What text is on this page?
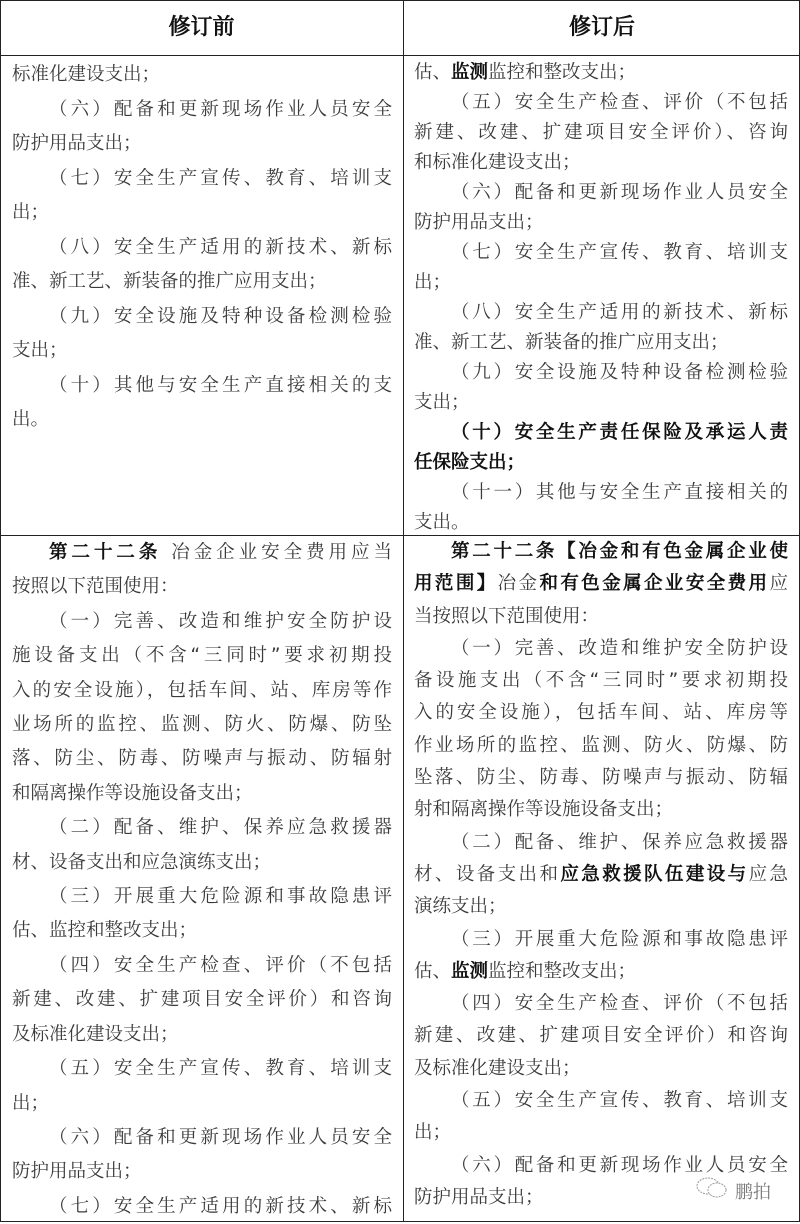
修订前	修订后
标准化建设支出；
（六）配备和更新现场作业人员安全
防护用品支出；
（七）安全生产宣传、教育、培训支
出；
（八）安全生产适用的新技术、新标
准、新工艺、新装备的推广应用支出；
（九）安全设施及特种设备检测检验
支出；
（十）其他与安全生产直接相关的支
出。
估、监测监控和整改支出；
（五）安全生产检查、评价（不包括
新建、改建、扩建项目安全评价）、咨询
和标准化建设支出；
（六）配备和更新现场作业人员安全
防护用品支出；
（七）安全生产宣传、教育、培训支
出；
（八）安全生产适用的新技术、新标
准、新工艺、新装备的推广应用支出；
（九）安全设施及特种设备检测检验
支出；
（十）安全生产责任保险及承运人责
任保险支出；
（十一）其他与安全生产直接相关的
支出。
第二十二条 冶金企业安全费用应当
按照以下范围使用：
（一）完善、改造和维护安全防护设
施设备支出（不含“三同时”要求初期投
入的安全设施），包括车间、站、库房等作
业场所的监控、监测、防火、防爆、防坠
落、防尘、防毒、防噪声与振动、防辐射
和隔离操作等设施设备支出；
（二）配备、维护、保养应急救援器
材、设备支出和应急演练支出；
（三）开展重大危险源和事故隐患评
估、监控和整改支出；
（四）安全生产检查、评价（不包括
新建、改建、扩建项目安全评价）和咨询
及标准化建设支出；
（五）安全生产宣传、教育、培训支
出；
（六）配备和更新现场作业人员安全
防护用品支出；
（七）安全生产适用的新技术、新标
第二十二条【冶金和有色金属企业使
用范围】冶金和有色金属企业安全费用应
当按照以下范围使用：
（一）完善、改造和维护安全防护设
备设施支出（不含“三同时”要求初期投
入的安全设施），包括车间、站、库房等
作业场所的监控、监测、防火、防爆、防
坠落、防尘、防毒、防噪声与振动、防辐
射和隔离操作等设施设备支出；
（二）配备、维护、保养应急救援器
材、设备支出和应急救援队伍建设与应急
演练支出；
（三）开展重大危险源和事故隐患评
估、监测监控和整改支出；
（四）安全生产检查、评价（不包括
新建、改建、扩建项目安全评价）和咨询
及标准化建设支出；
（五）安全生产宣传、教育、培训支
出；
（六）配备和更新现场作业人员安全
防护用品支出；	鹏拍
